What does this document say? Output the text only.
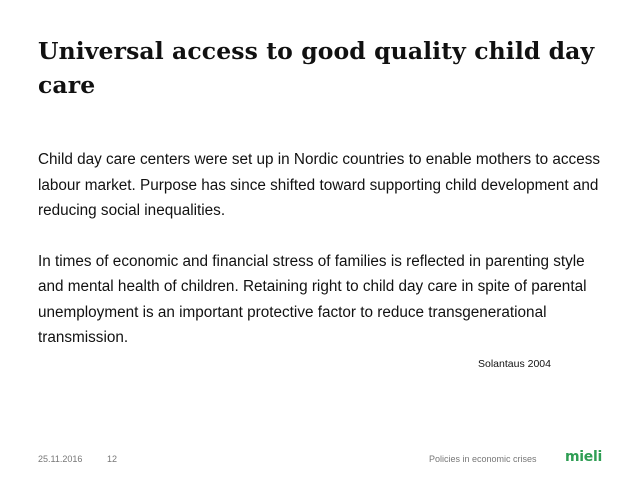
Universal access to good quality child day care

Child day care centers were set up in Nordic countries to enable mothers to access labour market. Purpose has since shifted toward supporting child development and reducing social inequalities.

In times of economic and financial stress of families is reflected in parenting style and mental health of children. Retaining right to child day care in spite of parental unemployment is an important protective factor to reduce transgenerational transmission.

Solantaus 2004
25.11.2016	12	Policies in economic crises mieli
